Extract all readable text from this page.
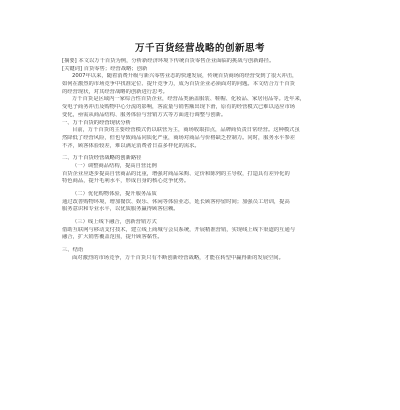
万千百货经营战略的创新思考
[摘要] 本文以万千百货为例，分析新经济环境下传统百货零售企业面临的挑战与创新路径。
[关键词] 百货零售；经营战略；创新
2007年以来，随着消费升级与新兴零售业态的快速发展，传统百货商场的经营受到了很大冲击，
如何在激烈的市场竞争中找准定位、提升竞争力，成为百货企业必须面对的问题。本文结合万千百货
的经营现状，对其经营战略的创新进行思考。
万千百货是区域内一家综合性百货企业，经营品类涵盖服装、鞋帽、化妆品、家居用品等。近年来，
受电子商务冲击及购物中心分流的影响，客流量与销售额出现下滑，原有的经营模式已难以适应市场
变化，亟需从商品结构、服务体验与营销方式等方面进行调整与创新。
一、万千百货的经营现状分析
目前，万千百货的主要经营模式仍以联营为主，商场收取扣点，品牌商负责日常经营。这种模式虽
然降低了经营风险，但也导致商品同质化严重，商场对商品与价格缺乏控制力。同时，服务水平参差
不齐，顾客体验较差，难以满足消费者日益多样化的需求。
二、万千百货经营战略的创新路径
（一）调整商品结构，提高自营比例
百货企业应逐步提高自营商品的比重，增强对商品采购、定价和陈列的主导权，打造具有差异化的
特色商品，提升毛利水平，形成自身的核心竞争优势。
（二）优化购物体验，提升服务品质
通过改善购物环境，增加餐饮、娱乐、休闲等体验业态，延长顾客停留时间；加强员工培训，提高
服务意识和专业水平，以优质服务赢得顾客信赖。
（三）线上线下融合，创新营销方式
借助互联网与移动支付技术，建立线上商城与会员系统，开展精准营销，实现线上线下渠道的互通与
融合，扩大销售覆盖范围，提升顾客黏性。
三、结语
面对激烈的市场竞争，万千百货只有不断创新经营战略，才能在转型中赢得新的发展空间。
